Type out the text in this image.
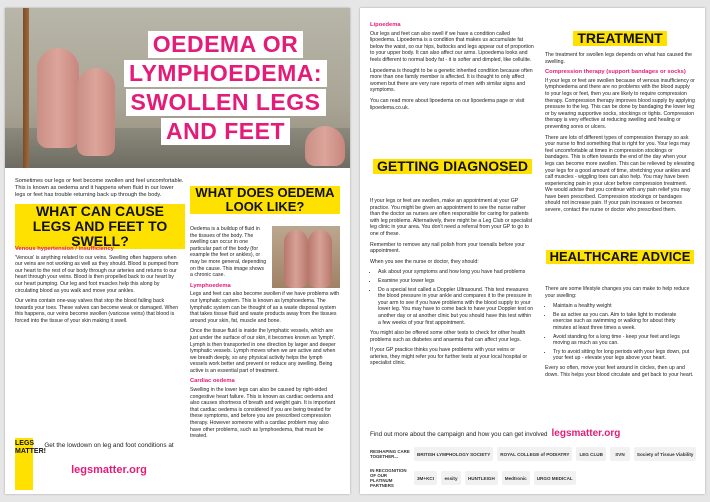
OEDEMA OR
LYMPHOEDEMA:
SWOLLEN LEGS
AND FEET
Sometimes our legs or feet become swollen and feel uncomfortable. This is known as oedema and it happens when fluid in our lower legs or feet has trouble returning back up through the body.
WHAT CAN CAUSE LEGS AND FEET TO SWELL?
Venous hypertension / insufficiency

'Venous' is anything related to our veins. Swelling often happens when our veins are not working as well as they should. Blood is pumped from our heart to the rest of our body through our arteries and returns to our heart through your veins. Blood is then propelled back to our heart by our heart pumping. Our leg and foot muscles help this along by circulating blood as you walk and move your ankles.

Our veins contain one-way valves that stop the blood falling back towards your toes. These valves can become weak or damaged. When this happens, our veins become swollen (varicose veins) that blood is forced into the tissue of your skin making it swell.

WHAT DOES OEDEMA LOOK LIKE?

Oedema is a buildup of fluid in the tissues of the body. The swelling can occur in one particular part of the body (for example the feet or ankles), or may be more general, depending on the cause. This image shows a chronic case.

Lymphoedema

Legs and feet can also become swollen if we have problems with our lymphatic system. This is known as lymphoedema. The lymphatic system can be thought of as a waste disposal system that takes tissue fluid and waste products away from the tissues around your skin, fat, muscle and bone.

Once the tissue fluid is inside the lymphatic vessels, which are just under the surface of our skin, it becomes known as 'lymph'. Lymph is then transported in one direction by larger and deeper lymphatic vessels. Lymph moves when we are active and when we breath deeply, so any physical activity helps the lymph vessels work better and prevent or reduce any swelling. Being active is an essential part of treatment.

Cardiac oedema

Swelling in the lower legs can also be caused by right-sided congestive heart failure. This is known as cardiac oedema and also causes shortness of breath and weight gain. It is important that cardiac oedema is considered if you are being treated for these symptoms, and before you are prescribed compression therapy. However someone with a cardiac problem may also have other problems, such as lymphoedema, that must be treated.

LEGS MATTER!
Get the lowdown on leg and foot conditions at
legsmatter.org
Lipoedema

Our legs and feet can also swell if we have a condition called lipoedema. Lipoedema is a condition that makes us accumulate fat below the waist, so our hips, buttocks and legs appear out of proportion to your upper body. It can also affect our arms. Lipoedema looks and feels different to normal body fat - it is softer and dimpled, like cellulite.

Lipoedema is thought to be a genetic inherited condition because often more than one family member is affected. It is thought to only affect women but there are very rare reports of men with similar signs and symptoms.

You can read more about lipoedema on our lipoedema page or visit lipoedema.co.uk.

GETTING DIAGNOSED

If your legs or feet are swollen, make an appointment at your GP practice. You might be given an appointment to see the nurse rather than the doctor as nurses are often responsible for caring for patients with leg problems. Alternatively, there might be a Leg Club or specialist leg clinic in your area. You don't need a referral from your GP to go to one of these.

Remember to remove any nail polish from your toenails before your appointment.

When you see the nurse or doctor, they should:

• Ask about your symptoms and how long you have had problems
• Examine your lower legs
• Do a special test called a Doppler Ultrasound. This test measures the blood pressure in your ankle and compares it to the pressure in your arm to see if you have problems with the blood supply to your lower leg. You may have to come back to have your Doppler test on another day or at another clinic but you should have this test within a few weeks of your first appointment.

You might also be offered some other tests to check for other health problems such as diabetes and anaemia that can affect your legs.

If your GP practice thinks you have problems with your veins or arteries, they might refer you for further tests at your local hospital or specialist clinic.

TREATMENT

The treatment for swollen legs depends on what has caused the swelling.

Compression therapy (support bandages or socks)

If your legs or feet are swollen because of venous insufficiency or lymphoedema and there are no problems with the blood supply to your legs or feet, then you are likely to require compression therapy. Compression therapy improves blood supply by applying pressure to the leg. This can be done by bandaging the lower leg or by wearing supportive socks, stockings or tights. Compression therapy is very effective at reducing swelling and healing or preventing sores or ulcers.

There are lots of different types of compression therapy so ask your nurse to find something that is right for you. Your legs may feel uncomfortable at times in compression stockings or bandages. This is often towards the end of the day when your legs can become more swollen. This can be relieved by elevating your legs for a good amount of time, stretching your ankles and calf muscles - wiggling toes can also help. You may have been experiencing pain in your ulcer before compression treatment. We would advise that you continue with any pain relief you may have been prescribed. Compression stockings or bandages should not increase pain. If your pain increases or becomes severe, contact the nurse or doctor who prescribed them.

HEALTHCARE ADVICE

There are some lifestyle changes you can make to help reduce your swelling:

• Maintain a healthy weight
• Be as active as you can. Aim to take light to moderate exercise such as swimming or walking for about thirty minutes at least three times a week.
• Avoid standing for a long time - keep your feet and legs moving as much as you can.
• Try to avoid sitting for long periods with your legs down, put your feet up - elevate your legs above your heart.

Every so often, move your feet around in circles, then up and down. This helps your blood circulate and get back to your heart.

Find out more about the campaign and how you can get involved legsmatter.org
RESHAPING CARE TOGETHER...	BRITISH LYMPHOLOGY SOCIETY	ROYAL COLLEGE of PODIATRY	LEG CLUB	SVN	Society of Tissue Viability
IN RECOGNITION OF OUR PLATINUM PARTNERS
3M+KCI	essity	HUNTLEIGH	Medtronic	URGO MEDICAL
